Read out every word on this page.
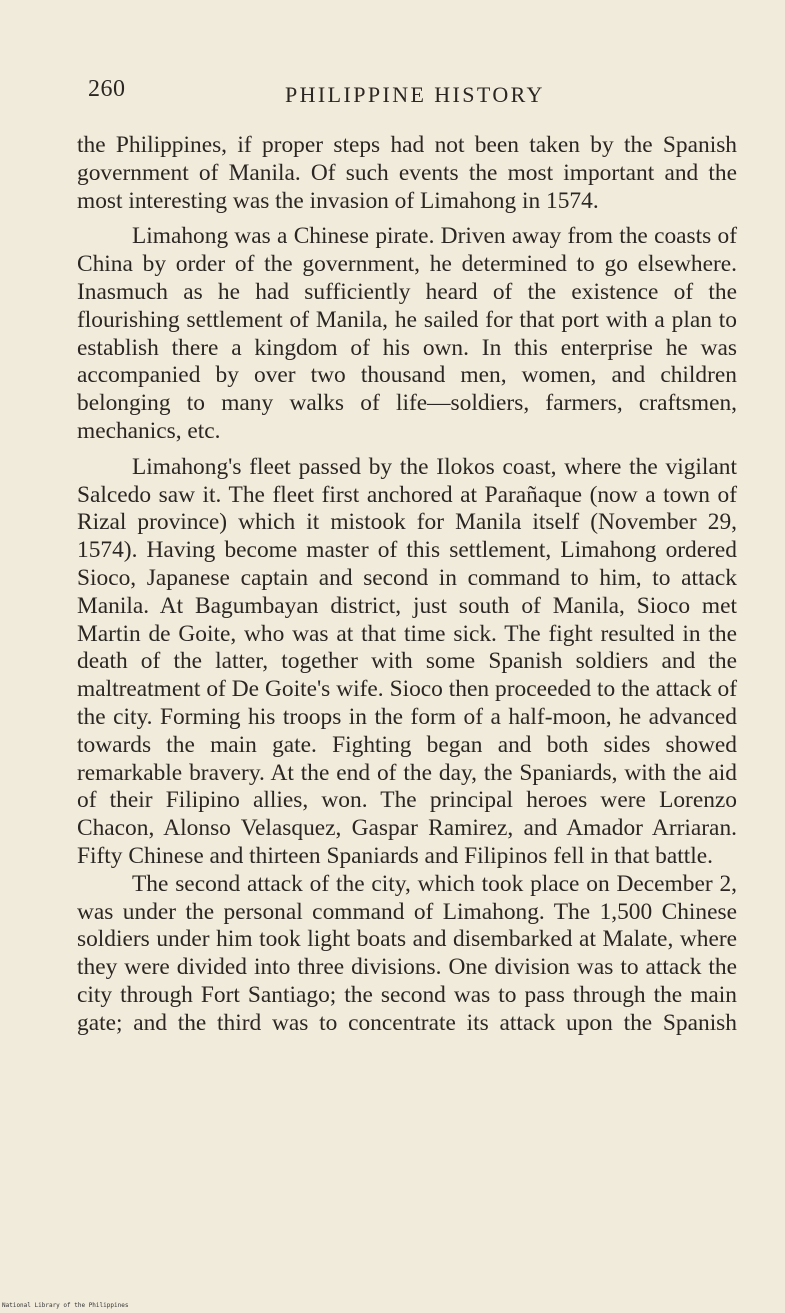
260	PHILIPPINE HISTORY

the Philippines, if proper steps had not been taken by the Spanish government of Manila. Of such events the most important and the most interesting was the invasion of Limahong in 1574.

Limahong was a Chinese pirate. Driven away from the coasts of China by order of the government, he determined to go elsewhere. Inasmuch as he had sufficiently heard of the existence of the flourishing settlement of Manila, he sailed for that port with a plan to establish there a kingdom of his own. In this enterprise he was accompanied by over two thousand men, women, and children belonging to many walks of life—soldiers, farmers, craftsmen, mechanics, etc.

Limahong's fleet passed by the Ilokos coast, where the vigilant Salcedo saw it. The fleet first anchored at Parañaque (now a town of Rizal province) which it mistook for Manila itself (November 29, 1574). Having become master of this settlement, Limahong ordered Sioco, Japanese captain and second in command to him, to attack Manila. At Bagumbayan district, just south of Manila, Sioco met Martin de Goite, who was at that time sick. The fight resulted in the death of the latter, together with some Spanish soldiers and the maltreatment of De Goite's wife. Sioco then proceeded to the attack of the city. Forming his troops in the form of a half-moon, he advanced towards the main gate. Fighting began and both sides showed remarkable bravery. At the end of the day, the Spaniards, with the aid of their Filipino allies, won. The principal heroes were Lorenzo Chacon, Alonso Velasquez, Gaspar Ramirez, and Amador Arriaran. Fifty Chinese and thirteen Spaniards and Filipinos fell in that battle.

The second attack of the city, which took place on December 2, was under the personal command of Limahong. The 1,500 Chinese soldiers under him took light boats and disembarked at Malate, where they were divided into three divisions. One division was to attack the city through Fort Santiago; the second was to pass through the main gate; and the third was to concentrate its attack upon the Spanish

National Library of the Philippines
